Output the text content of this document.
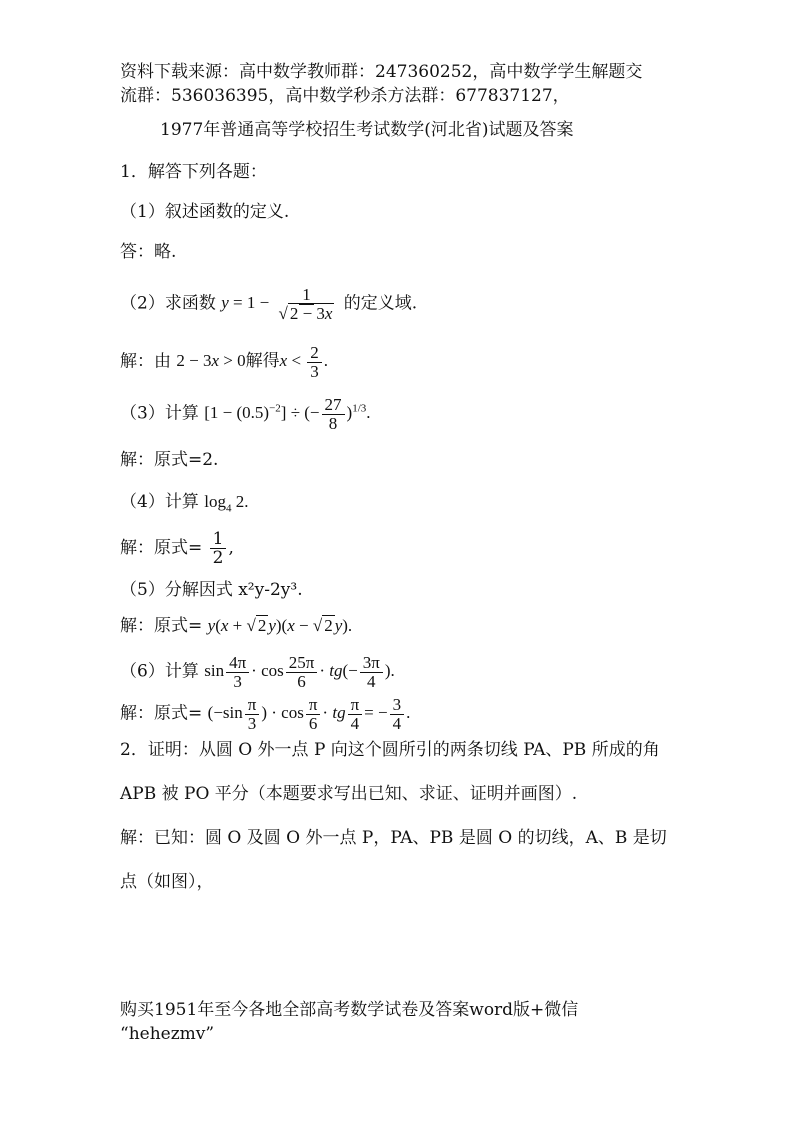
资料下载来源：高中数学教师群：247360252，高中数学学生解题交
流群：536036395，高中数学秒杀方法群：677837127，
1977年普通高等学校招生考试数学(河北省)试题及答案
1．解答下列各题：
（1）叙述函数的定义.
答：略.
（2）求函数 $y = 1 - \frac{1}{√ 2 - 3x}$ 的定义域.
解：由 2 − 3x > 0解得$x < \frac{2}{3}$ .
（3）计算 $[1 - (0.5)^{-2}]$ ÷ (− $\frac{27}{8} )^{1/3}$.
解：原式=2.
（4）计算 $\log_4 2$.
解：原式= $\frac{1}{2}$ ,
（5）分解因式 x²y-2y³.
解：原式= y(x + √ 2 y)(x − √ 2 y).
（6）计算 $\sin \frac{4\pi}{3} \cdot \cos \frac{25\pi}{6} \cdot tg(- \frac{3\pi}{4}$ ).
解：原式= ($-\sin \frac{\pi}{3}$ ) · $\cos \frac{\pi}{6}$ · tg $\frac{\pi}{4}$ = − $\frac{3}{4}$ .
2．证明：从圆 O 外一点 P 向这个圆所引的两条切线 PA、PB 所成的角
APB 被 PO 平分（本题要求写出已知、求证、证明并画图）.
解：已知：圆 O 及圆 O 外一点 P，PA、PB 是圆 O 的切线，A、B 是切
点（如图），
购买1951年至今各地全部高考数学试卷及答案word版+微信
“hehezmv”
